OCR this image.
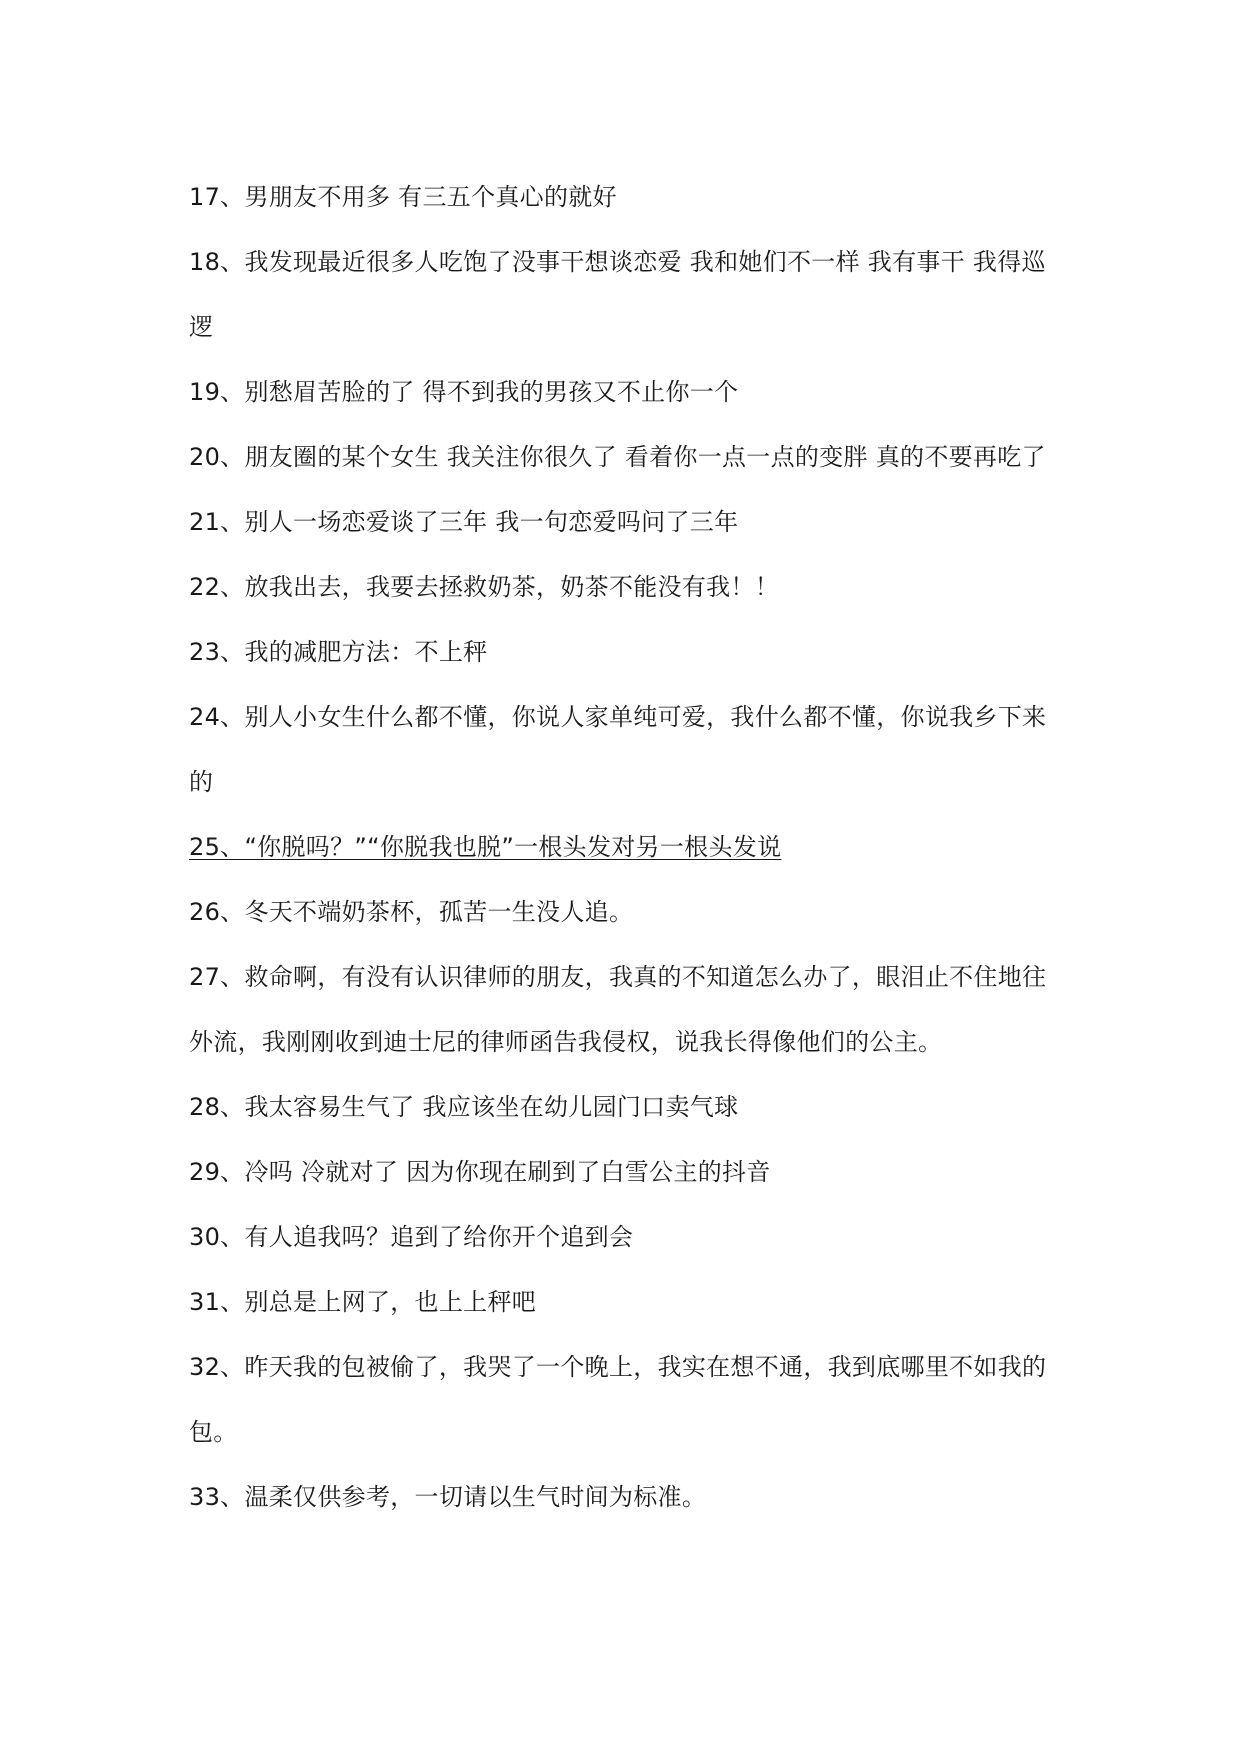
17、男朋友不用多 有三五个真心的就好

18、我发现最近很多人吃饱了没事干想谈恋爱 我和她们不一样 我有事干 我得巡逻

19、别愁眉苦脸的了 得不到我的男孩又不止你一个

20、朋友圈的某个女生 我关注你很久了 看着你一点一点的变胖 真的不要再吃了

21、别人一场恋爱谈了三年 我一句恋爱吗问了三年

22、放我出去，我要去拯救奶茶，奶茶不能没有我！！

23、我的减肥方法：不上秤

24、别人小女生什么都不懂，你说人家单纯可爱，我什么都不懂，你说我乡下来的

25、“你脱吗？”“你脱我也脱”一根头发对另一根头发说

26、冬天不端奶茶杯，孤苦一生没人追。

27、救命啊，有没有认识律师的朋友，我真的不知道怎么办了，眼泪止不住地往外流，我刚刚收到迪士尼的律师函告我侵权，说我长得像他们的公主。

28、我太容易生气了 我应该坐在幼儿园门口卖气球

29、冷吗 冷就对了 因为你现在刷到了白雪公主的抖音

30、有人追我吗？追到了给你开个追到会

31、别总是上网了，也上上秤吧

32、昨天我的包被偷了，我哭了一个晚上，我实在想不通，我到底哪里不如我的包。

33、温柔仅供参考，一切请以生气时间为标准。
